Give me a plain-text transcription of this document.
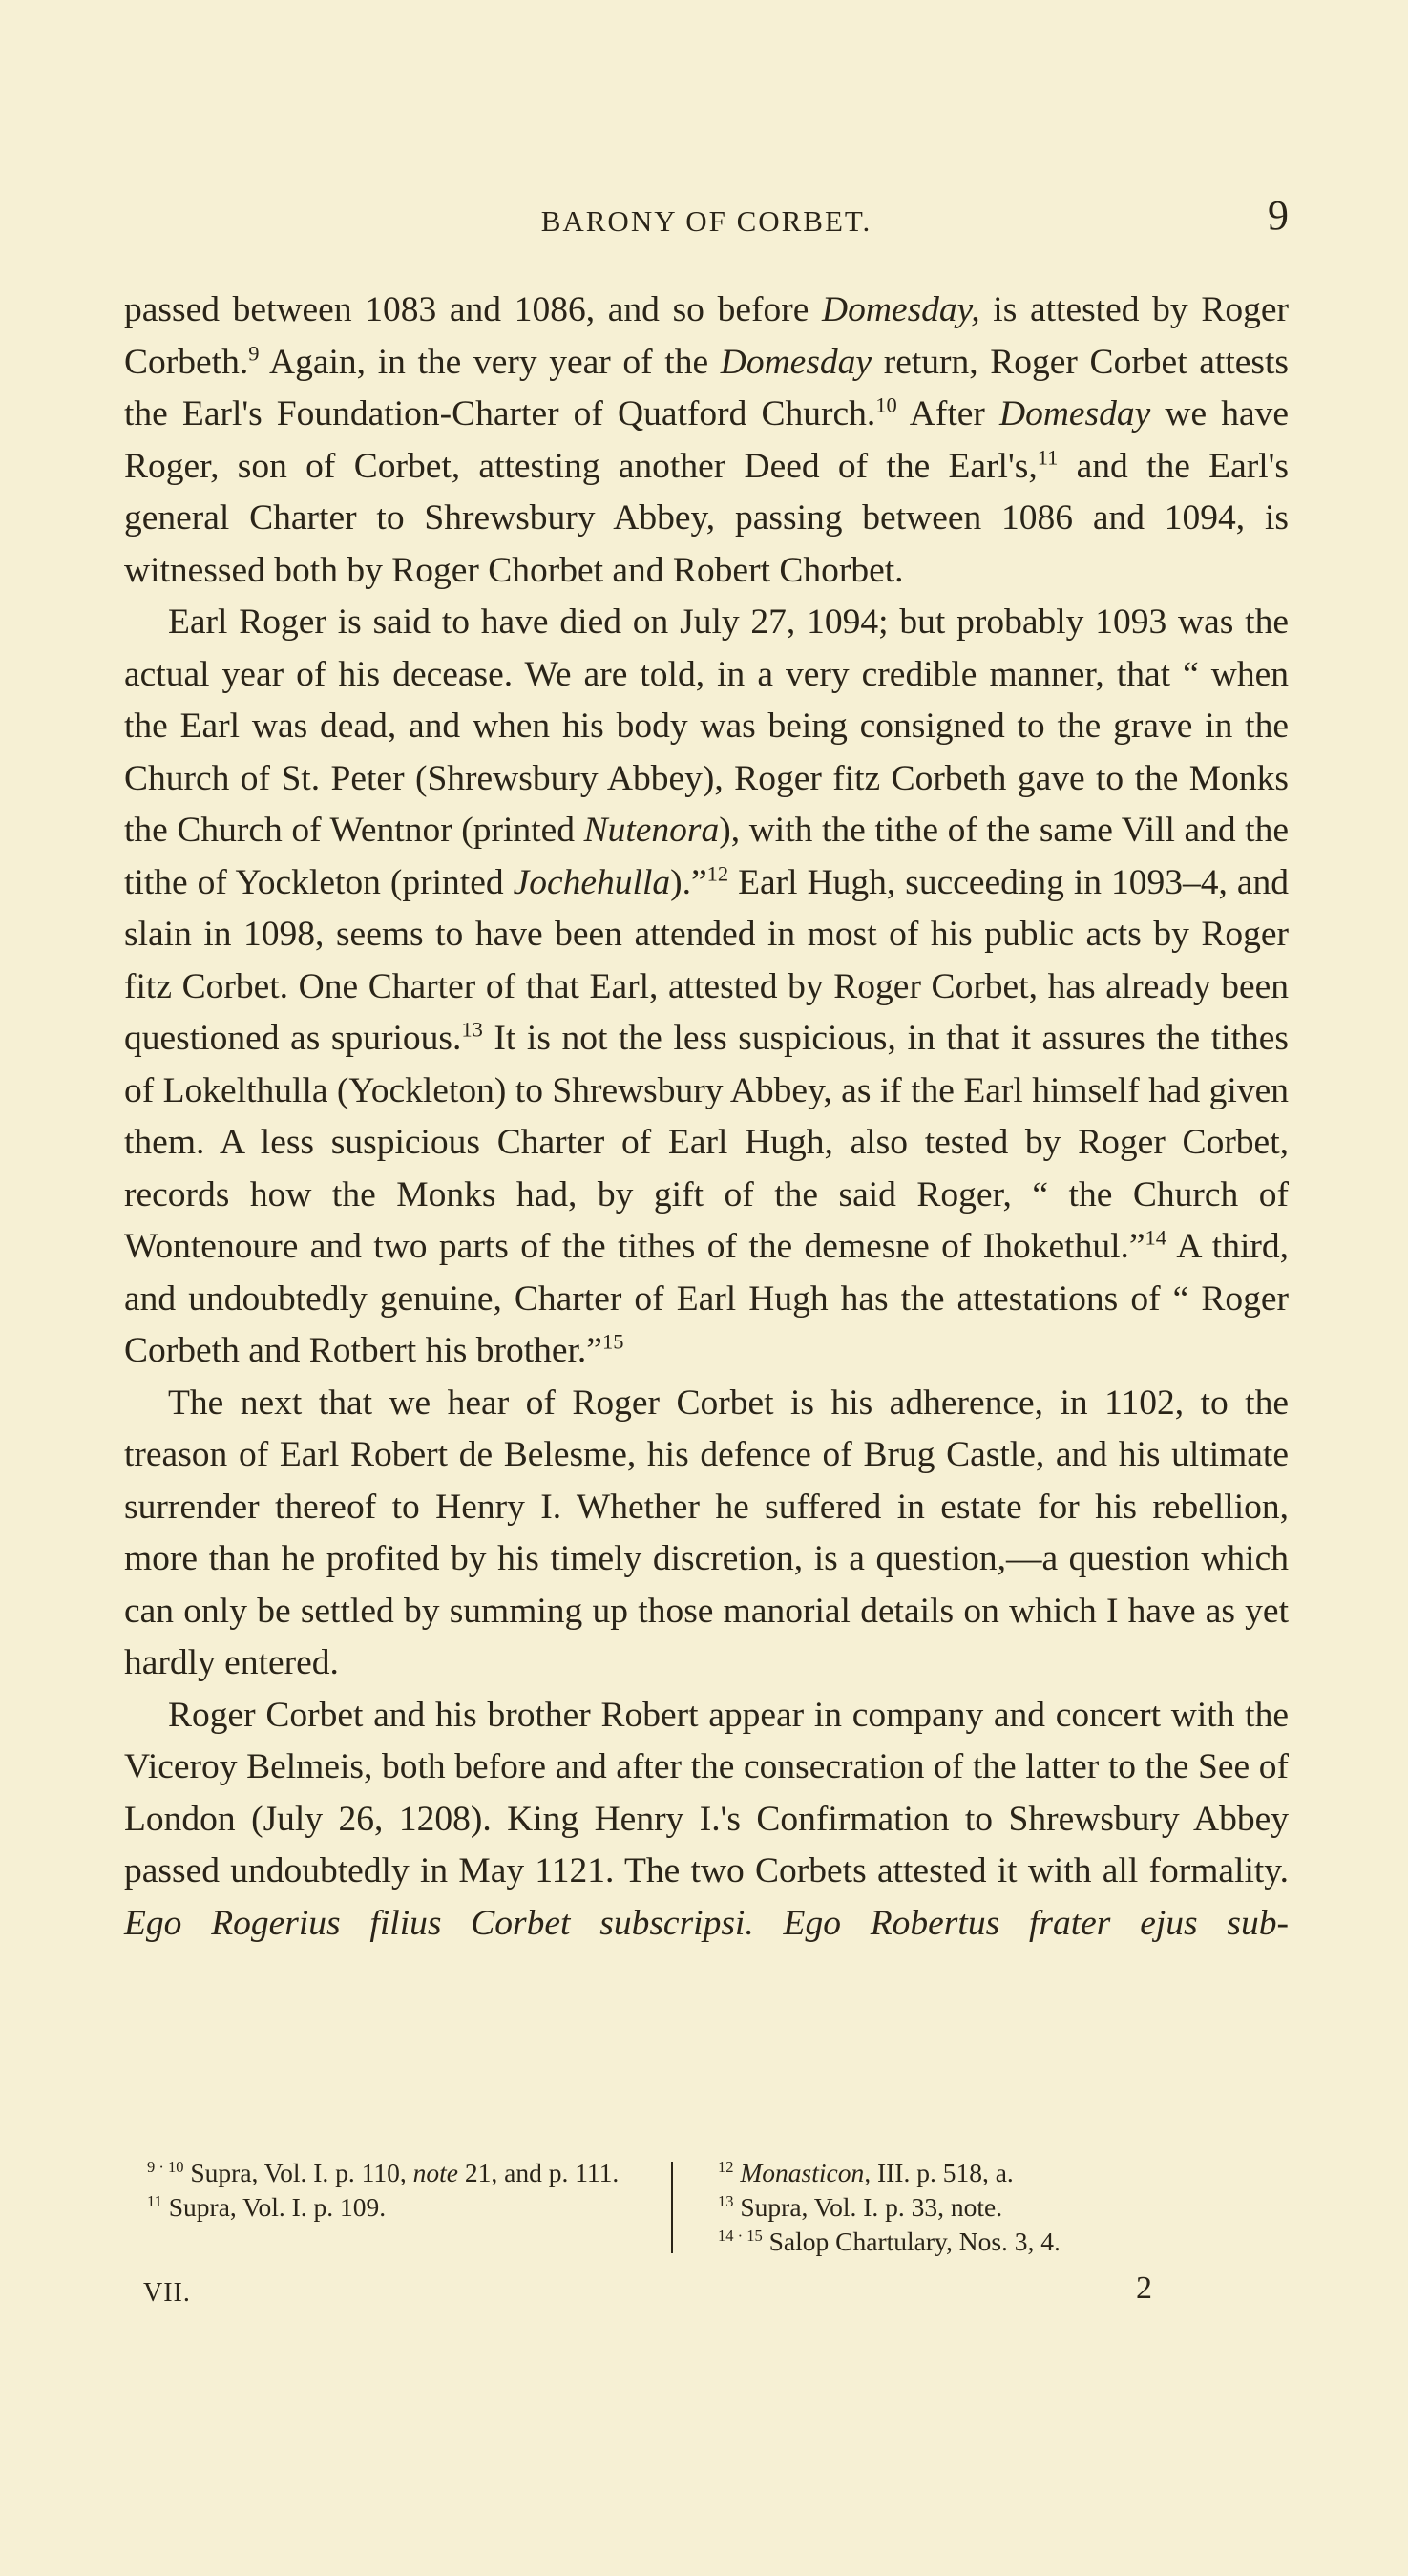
BARONY OF CORBET.	9

passed between 1083 and 1086, and so before Domesday, is attested by Roger Corbeth.$^9$ Again, in the very year of the Domesday return, Roger Corbet attests the Earl's Foundation-Charter of Quatford Church.$^{10}$ After Domesday we have Roger, son of Corbet, attesting another Deed of the Earl's,$^{11}$ and the Earl's general Charter to Shrewsbury Abbey, passing between 1086 and 1094, is witnessed both by Roger Chorbet and Robert Chorbet.

Earl Roger is said to have died on July 27, 1094; but probably 1093 was the actual year of his decease. We are told, in a very credible manner, that “ when the Earl was dead, and when his body was being consigned to the grave in the Church of St. Peter (Shrewsbury Abbey), Roger fitz Corbeth gave to the Monks the Church of Wentnor (printed Nutenora), with the tithe of the same Vill and the tithe of Yockleton (printed Jochehulla).”$^{12}$ Earl Hugh, succeeding in 1093–4, and slain in 1098, seems to have been attended in most of his public acts by Roger fitz Corbet. One Charter of that Earl, attested by Roger Corbet, has already been questioned as spurious.$^{13}$ It is not the less suspicious, in that it assures the tithes of Lokelthulla (Yockleton) to Shrewsbury Abbey, as if the Earl himself had given them. A less suspicious Charter of Earl Hugh, also tested by Roger Corbet, records how the Monks had, by gift of the said Roger, “ the Church of Wontenoure and two parts of the tithes of the demesne of Ihokethul.”$^{14}$ A third, and undoubtedly genuine, Charter of Earl Hugh has the attestations of “ Roger Corbeth and Rotbert his brother.”$^{15}$

The next that we hear of Roger Corbet is his adherence, in 1102, to the treason of Earl Robert de Belesme, his defence of Brug Castle, and his ultimate surrender thereof to Henry I. Whether he suffered in estate for his rebellion, more than he profited by his timely discretion, is a question,—a question which can only be settled by summing up those manorial details on which I have as yet hardly entered.

Roger Corbet and his brother Robert appear in company and concert with the Viceroy Belmeis, both before and after the consecration of the latter to the See of London (July 26, 1208). King Henry I.'s Confirmation to Shrewsbury Abbey passed undoubtedly in May 1121. The two Corbets attested it with all formality. Ego Rogerius filius Corbet subscripsi. Ego Robertus frater ejus sub-

$^{9 \cdot 10}$ Supra, Vol. I. p. 110, note 21, and p. 111.

$^{11}$ Supra, Vol. I. p. 109.

$^{12}$ Monasticon, III. p. 518, a.

$^{13}$ Supra, Vol. I. p. 33, note.

$^{14 \cdot 15}$ Salop Chartulary, Nos. 3, 4.

VII.	2
